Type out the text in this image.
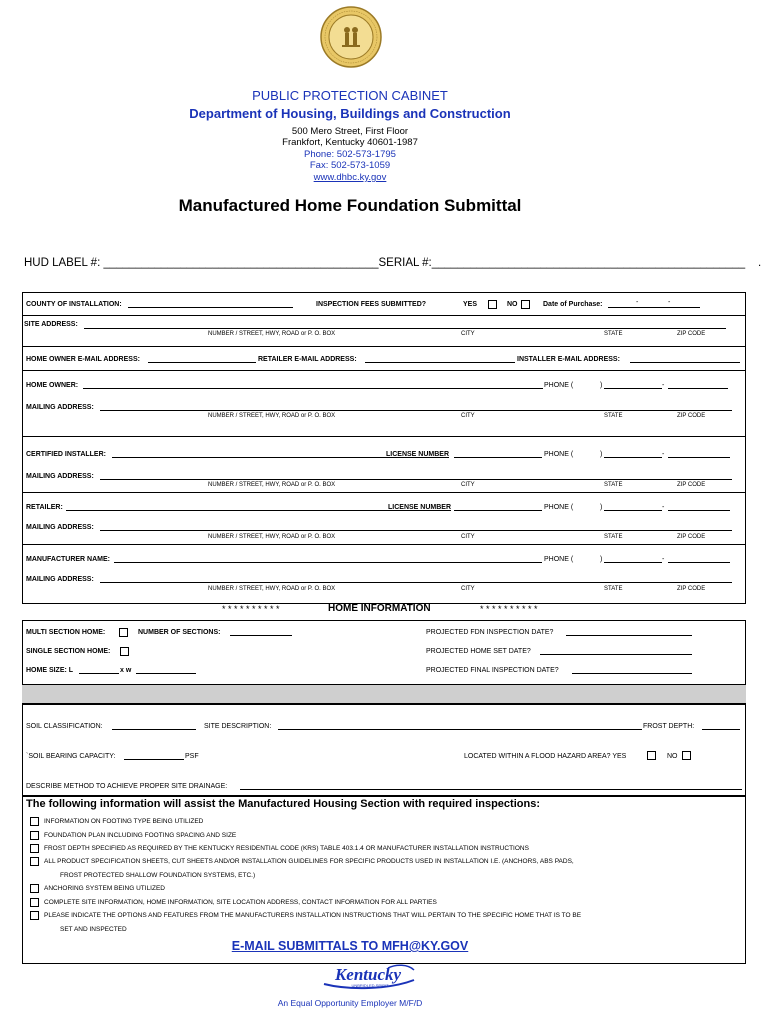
PUBLIC PROTECTION CABINET
Department of Housing, Buildings and Construction
500 Mero Street, First Floor
Frankfort, Kentucky 40601-1987
Phone: 502-573-1795
Fax: 502-573-1059
www.dhbc.ky.gov
Manufactured Home Foundation Submittal
HUD LABEL #: ___________________________________________SERIAL #:_________________________________________________ .
COUNTY OF INSTALLATION:	INSPECTION FEES SUBMITTED?	YES	NO	Date of Purchase:	-	-
SITE ADDRESS:
NUMBER / STREET, HWY, ROAD or P. O. BOX	CITY	STATE	ZIP CODE
HOME OWNER E-MAIL ADDRESS:	RETAILER E-MAIL ADDRESS:	INSTALLER E-MAIL ADDRESS:
HOME OWNER:	PHONE (	)	-
MAILING ADDRESS:
NUMBER / STREET, HWY, ROAD or P. O. BOX	CITY	STATE	ZIP CODE
CERTIFIED INSTALLER:	LICENSE NUMBER	PHONE (	)	-
MAILING ADDRESS:
NUMBER / STREET, HWY, ROAD or P. O. BOX	CITY	STATE	ZIP CODE
RETAILER:	LICENSE NUMBER	PHONE (	)	-
MAILING ADDRESS:
NUMBER / STREET, HWY, ROAD or P. O. BOX	CITY	STATE	ZIP CODE
MANUFACTURER NAME:	PHONE (	)	-
MAILING ADDRESS:
NUMBER / STREET, HWY, ROAD or P. O. BOX	CITY	STATE	ZIP CODE
* * * * * * * * * *	HOME INFORMATION	* * * * * * * * * *
MULTI SECTION HOME:	NUMBER OF SECTIONS:	PROJECTED FDN INSPECTION DATE?
SINGLE SECTION HOME:	PROJECTED HOME SET DATE?
HOME SIZE: L	x w	PROJECTED FINAL INSPECTION DATE?
SOIL CLASSIFICATION:	SITE DESCRIPTION:	FROST DEPTH:
`SOIL BEARING CAPACITY:	PSF	LOCATED WITHIN A FLOOD HAZARD AREA? YES	NO
DESCRIBE METHOD TO ACHIEVE PROPER SITE DRAINAGE:
The following information will assist the Manufactured Housing Section with required inspections:
INFORMATION ON FOOTING TYPE BEING UTILIZED
FOUNDATION PLAN INCLUDING FOOTING SPACING AND SIZE
FROST DEPTH SPECIFIED AS REQUIRED BY THE KENTUCKY RESIDENTIAL CODE (KRS) TABLE 403.1.4 OR MANUFACTURER INSTALLATION INSTRUCTIONS
ALL PRODUCT SPECIFICATION SHEETS, CUT SHEETS AND/OR INSTALLATION GUIDELINES FOR SPECIFIC PRODUCTS USED IN INSTALLATION I.E. (ANCHORS, ABS PADS,
FROST PROTECTED SHALLOW FOUNDATION SYSTEMS, ETC.)
ANCHORING SYSTEM BEING UTILIZED
COMPLETE SITE INFORMATION, HOME INFORMATION, SITE LOCATION ADDRESS, CONTACT INFORMATION FOR ALL PARTIES
PLEASE INDICATE THE OPTIONS AND FEATURES FROM THE MANUFACTURERS INSTALLATION INSTRUCTIONS THAT WILL PERTAIN TO THE SPECIFIC HOME THAT IS TO BE
SET AND INSPECTED
E-MAIL SUBMITTALS TO MFH@KY.GOV
Kentucky
UNBRIDLED SPIRIT
An Equal Opportunity Employer M/F/D
